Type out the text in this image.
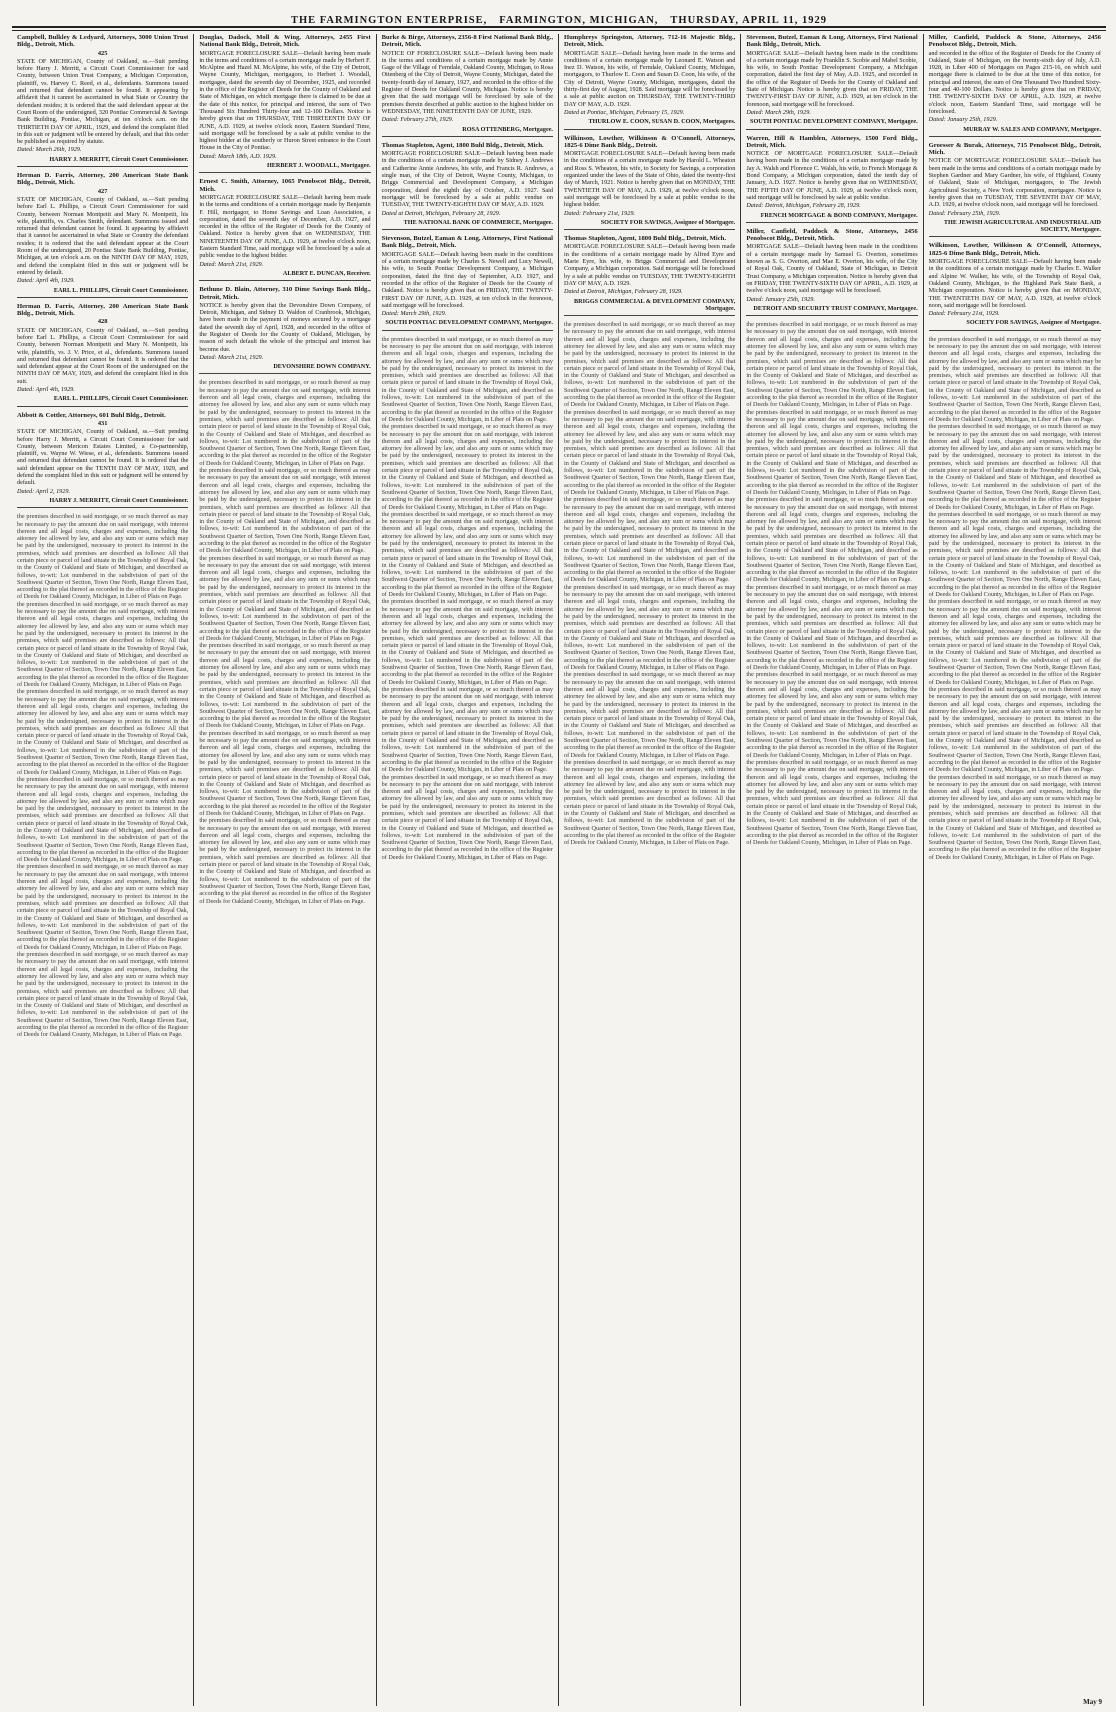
THE FARMINGTON ENTERPRISE, FARMINGTON, MICHIGAN, THURSDAY, APRIL 11, 1929
Campbell, Bulkley & Ledyard, Attorneys, 3000 Union Trust Bldg., Detroit, Mich.
425
STATE OF MICHIGAN, County of Oakland, ss.—Suit pending before Harry J. Merritt, a Circuit Court Commissioner for said County, between Union Trust Company, a Michigan Corporation, plaintiff, vs. Harvey C. Reed, et al., defendants. Summons issued and returned that defendant cannot be found. It appearing by affidavit that it cannot be ascertained in what State or Country the defendant resides; it is ordered that the said defendant appear at the Court Room of the undersigned, 320 Pontiac Commercial & Savings Bank Building, Pontiac, Michigan, at ten o'clock a.m. on the THIRTIETH DAY OF APRIL, 1929, and defend the complaint filed in this suit or judgment will be entered by default, and that this order be published as required by statute.
Dated: March 26th, 1929.
HARRY J. MERRITT, Circuit Court Commissioner.
Herman D. Farris, Attorney, 200 American State Bank Bldg., Detroit, Mich.
427
STATE OF MICHIGAN, County of Oakland, ss.—Suit pending before Earl L. Phillips, a Circuit Court Commissioner for said County, between Norman Montpetit and Mary N. Montpetit, his wife, plaintiffs, vs. Charles Smith, defendant. Summons issued and returned that defendant cannot be found. It appearing by affidavit that it cannot be ascertained in what State or Country the defendant resides; it is ordered that the said defendant appear at the Court Room of the undersigned, 20 Pontiac State Bank Building, Pontiac, Michigan, at ten o'clock a.m. on the NINTH DAY OF MAY, 1929, and defend the complaint filed in this suit or judgment will be entered by default.
Dated: April 4th, 1929.
EARL L. PHILLIPS, Circuit Court Commissioner.
Herman D. Farris, Attorney, 200 American State Bank Bldg., Detroit, Mich.
428
STATE OF MICHIGAN, County of Oakland, ss.—Suit pending before Earl L. Phillips, a Circuit Court Commissioner for said County, between Norman Montpetit and Mary N. Montpetit, his wife, plaintiffs, vs. J. V. Price, et al., defendants. Summons issued and returned that defendant cannot be found. It is ordered that the said defendant appear at the Court Room of the undersigned on the NINTH DAY OF MAY, 1929, and defend the complaint filed in this suit.
Dated: April 4th, 1929.
EARL L. PHILLIPS, Circuit Court Commissioner.
Abbott & Cottler, Attorneys, 601 Buhl Bldg., Detroit.
431
STATE OF MICHIGAN, County of Oakland, ss.—Suit pending before Harry J. Merritt, a Circuit Court Commissioner for said County, between Mericon Estates Limited, a Co-partnership, plaintiff, vs. Wayne W. Wiese, et al., defendants. Summons issued and returned that defendant cannot be found. It is ordered that the said defendant appear on the TENTH DAY OF MAY, 1929, and defend the complaint filed in this suit or judgment will be entered by default.
Dated: April 2, 1929.
HARRY J. MERRITT, Circuit Court Commissioner.
the premises described in said mortgage, or so much thereof as may be necessary to pay the amount due on said mortgage, with interest thereon and all legal costs, charges and expenses, including the attorney fee allowed by law, and also any sum or sums which may be paid by the undersigned, necessary to protect its interest in the premises, which said premises are described as follows: All that certain piece or parcel of land situate in the Township of Royal Oak, in the County of Oakland and State of Michigan, and described as follows, to-wit: Lot numbered in the subdivision of part of the Southwest Quarter of Section, Town One North, Range Eleven East, according to the plat thereof as recorded in the office of the Register of Deeds for Oakland County, Michigan, in Liber of Plats on Page.
the premises described in said mortgage, or so much thereof as may be necessary to pay the amount due on said mortgage, with interest thereon and all legal costs, charges and expenses, including the attorney fee allowed by law, and also any sum or sums which may be paid by the undersigned, necessary to protect its interest in the premises, which said premises are described as follows: All that certain piece or parcel of land situate in the Township of Royal Oak, in the County of Oakland and State of Michigan, and described as follows, to-wit: Lot numbered in the subdivision of part of the Southwest Quarter of Section, Town One North, Range Eleven East, according to the plat thereof as recorded in the office of the Register of Deeds for Oakland County, Michigan, in Liber of Plats on Page.
the premises described in said mortgage, or so much thereof as may be necessary to pay the amount due on said mortgage, with interest thereon and all legal costs, charges and expenses, including the attorney fee allowed by law, and also any sum or sums which may be paid by the undersigned, necessary to protect its interest in the premises, which said premises are described as follows: All that certain piece or parcel of land situate in the Township of Royal Oak, in the County of Oakland and State of Michigan, and described as follows, to-wit: Lot numbered in the subdivision of part of the Southwest Quarter of Section, Town One North, Range Eleven East, according to the plat thereof as recorded in the office of the Register of Deeds for Oakland County, Michigan, in Liber of Plats on Page.
the premises described in said mortgage, or so much thereof as may be necessary to pay the amount due on said mortgage, with interest thereon and all legal costs, charges and expenses, including the attorney fee allowed by law, and also any sum or sums which may be paid by the undersigned, necessary to protect its interest in the premises, which said premises are described as follows: All that certain piece or parcel of land situate in the Township of Royal Oak, in the County of Oakland and State of Michigan, and described as follows, to-wit: Lot numbered in the subdivision of part of the Southwest Quarter of Section, Town One North, Range Eleven East, according to the plat thereof as recorded in the office of the Register of Deeds for Oakland County, Michigan, in Liber of Plats on Page.
the premises described in said mortgage, or so much thereof as may be necessary to pay the amount due on said mortgage, with interest thereon and all legal costs, charges and expenses, including the attorney fee allowed by law, and also any sum or sums which may be paid by the undersigned, necessary to protect its interest in the premises, which said premises are described as follows: All that certain piece or parcel of land situate in the Township of Royal Oak, in the County of Oakland and State of Michigan, and described as follows, to-wit: Lot numbered in the subdivision of part of the Southwest Quarter of Section, Town One North, Range Eleven East, according to the plat thereof as recorded in the office of the Register of Deeds for Oakland County, Michigan, in Liber of Plats on Page.
the premises described in said mortgage, or so much thereof as may be necessary to pay the amount due on said mortgage, with interest thereon and all legal costs, charges and expenses, including the attorney fee allowed by law, and also any sum or sums which may be paid by the undersigned, necessary to protect its interest in the premises, which said premises are described as follows: All that certain piece or parcel of land situate in the Township of Royal Oak, in the County of Oakland and State of Michigan, and described as follows, to-wit: Lot numbered in the subdivision of part of the Southwest Quarter of Section, Town One North, Range Eleven East, according to the plat thereof as recorded in the office of the Register of Deeds for Oakland County, Michigan, in Liber of Plats on Page.
Douglas, Dadock, Moll & Wing, Attorneys, 2455 First National Bank Bldg., Detroit, Mich.
MORTGAGE FORECLOSURE SALE—Default having been made in the terms and conditions of a certain mortgage made by Herbert F. McAlpine and Hazel M. McAlpine, his wife, of the City of Detroit, Wayne County, Michigan, mortgagors, to Herbert J. Woodall, mortgagee, dated the seventh day of December, 1925, and recorded in the office of the Register of Deeds for the County of Oakland and State of Michigan, on which mortgage there is claimed to be due at the date of this notice, for principal and interest, the sum of Two Thousand Six Hundred Thirty-four and 12-100 Dollars. Notice is hereby given that on THURSDAY, THE THIRTEENTH DAY OF JUNE, A.D. 1929, at twelve o'clock noon, Eastern Standard Time, said mortgage will be foreclosed by a sale at public vendue to the highest bidder at the southerly or Huron Street entrance to the Court House in the City of Pontiac.
Dated: March 18th, A.D. 1929.
HERBERT J. WOODALL, Mortgagee.
Ernest C. Smith, Attorney, 1065 Penobscot Bldg., Detroit, Mich.
MORTGAGE FORECLOSURE SALE—Default having been made in the terms and conditions of a certain mortgage made by Benjamin F. Hill, mortgagor, to Home Savings and Loan Association, a corporation, dated the seventh day of December, A.D. 1927, and recorded in the office of the Register of Deeds for the County of Oakland. Notice is hereby given that on WEDNESDAY, THE NINETEENTH DAY OF JUNE, A.D. 1929, at twelve o'clock noon, Eastern Standard Time, said mortgage will be foreclosed by a sale at public vendue to the highest bidder.
Dated: March 21st, 1929.
ALBERT E. DUNCAN, Receiver.
Bethune D. Blain, Attorney, 310 Dime Savings Bank Bldg., Detroit, Mich.
NOTICE is hereby given that the Devonshire Down Company, of Detroit, Michigan, and Sidney D. Waldon of Cranbrook, Michigan, have been made in the payment of moneys secured by a mortgage dated the seventh day of April, 1928, and recorded in the office of the Register of Deeds for the County of Oakland, Michigan, by reason of such default the whole of the principal and interest has become due.
Dated: March 21st, 1929.
DEVONSHIRE DOWN COMPANY.
the premises described in said mortgage, or so much thereof as may be necessary to pay the amount due on said mortgage, with interest thereon and all legal costs, charges and expenses, including the attorney fee allowed by law, and also any sum or sums which may be paid by the undersigned, necessary to protect its interest in the premises, which said premises are described as follows: All that certain piece or parcel of land situate in the Township of Royal Oak, in the County of Oakland and State of Michigan, and described as follows, to-wit: Lot numbered in the subdivision of part of the Southwest Quarter of Section, Town One North, Range Eleven East, according to the plat thereof as recorded in the office of the Register of Deeds for Oakland County, Michigan, in Liber of Plats on Page.
the premises described in said mortgage, or so much thereof as may be necessary to pay the amount due on said mortgage, with interest thereon and all legal costs, charges and expenses, including the attorney fee allowed by law, and also any sum or sums which may be paid by the undersigned, necessary to protect its interest in the premises, which said premises are described as follows: All that certain piece or parcel of land situate in the Township of Royal Oak, in the County of Oakland and State of Michigan, and described as follows, to-wit: Lot numbered in the subdivision of part of the Southwest Quarter of Section, Town One North, Range Eleven East, according to the plat thereof as recorded in the office of the Register of Deeds for Oakland County, Michigan, in Liber of Plats on Page.
the premises described in said mortgage, or so much thereof as may be necessary to pay the amount due on said mortgage, with interest thereon and all legal costs, charges and expenses, including the attorney fee allowed by law, and also any sum or sums which may be paid by the undersigned, necessary to protect its interest in the premises, which said premises are described as follows: All that certain piece or parcel of land situate in the Township of Royal Oak, in the County of Oakland and State of Michigan, and described as follows, to-wit: Lot numbered in the subdivision of part of the Southwest Quarter of Section, Town One North, Range Eleven East, according to the plat thereof as recorded in the office of the Register of Deeds for Oakland County, Michigan, in Liber of Plats on Page.
the premises described in said mortgage, or so much thereof as may be necessary to pay the amount due on said mortgage, with interest thereon and all legal costs, charges and expenses, including the attorney fee allowed by law, and also any sum or sums which may be paid by the undersigned, necessary to protect its interest in the premises, which said premises are described as follows: All that certain piece or parcel of land situate in the Township of Royal Oak, in the County of Oakland and State of Michigan, and described as follows, to-wit: Lot numbered in the subdivision of part of the Southwest Quarter of Section, Town One North, Range Eleven East, according to the plat thereof as recorded in the office of the Register of Deeds for Oakland County, Michigan, in Liber of Plats on Page.
the premises described in said mortgage, or so much thereof as may be necessary to pay the amount due on said mortgage, with interest thereon and all legal costs, charges and expenses, including the attorney fee allowed by law, and also any sum or sums which may be paid by the undersigned, necessary to protect its interest in the premises, which said premises are described as follows: All that certain piece or parcel of land situate in the Township of Royal Oak, in the County of Oakland and State of Michigan, and described as follows, to-wit: Lot numbered in the subdivision of part of the Southwest Quarter of Section, Town One North, Range Eleven East, according to the plat thereof as recorded in the office of the Register of Deeds for Oakland County, Michigan, in Liber of Plats on Page.
the premises described in said mortgage, or so much thereof as may be necessary to pay the amount due on said mortgage, with interest thereon and all legal costs, charges and expenses, including the attorney fee allowed by law, and also any sum or sums which may be paid by the undersigned, necessary to protect its interest in the premises, which said premises are described as follows: All that certain piece or parcel of land situate in the Township of Royal Oak, in the County of Oakland and State of Michigan, and described as follows, to-wit: Lot numbered in the subdivision of part of the Southwest Quarter of Section, Town One North, Range Eleven East, according to the plat thereof as recorded in the office of the Register of Deeds for Oakland County, Michigan, in Liber of Plats on Page.
Burke & Birge, Attorneys, 2356-8 First National Bank Bldg., Detroit, Mich.
NOTICE OF FORECLOSURE SALE—Default having been made in the terms and conditions of a certain mortgage made by Annie Gage of the Village of Ferndale, Oakland County, Michigan, to Rosa Ottenberg of the City of Detroit, Wayne County, Michigan, dated the twenty-fourth day of January, 1927, and recorded in the office of the Register of Deeds for Oakland County, Michigan. Notice is hereby given that the said mortgage will be foreclosed by sale of the premises therein described at public auction to the highest bidder on WEDNESDAY, THE NINETEENTH DAY OF JUNE, 1929.
Dated: February 27th, 1929.
ROSA OTTENBERG, Mortgagee.
Thomas Stapleton, Agent, 1800 Buhl Bldg., Detroit, Mich.
MORTGAGE FORECLOSURE SALE—Default having been made in the conditions of a certain mortgage made by Sidney J. Andrews and Catherine Annie Andrews, his wife, and Francis R. Andrews, a single man, of the City of Detroit, Wayne County, Michigan, to Briggs Commercial and Development Company, a Michigan corporation, dated the eighth day of October, A.D. 1927. Said mortgage will be foreclosed by a sale at public vendue on TUESDAY, THE TWENTY-EIGHTH DAY OF MAY, A.D. 1929.
Dated at Detroit, Michigan, February 28, 1929.
THE NATIONAL BANK OF COMMERCE, Mortgagee.
Stevenson, Butzel, Eaman & Long, Attorneys, First National Bank Bldg., Detroit, Mich.
MORTGAGE SALE—Default having been made in the conditions of a certain mortgage made by Charles S. Newell and Lucy Newell, his wife, to South Pontiac Development Company, a Michigan corporation, dated the first day of September, A.D. 1927, and recorded in the office of the Register of Deeds for the County of Oakland. Notice is hereby given that on FRIDAY, THE TWENTY-FIRST DAY OF JUNE, A.D. 1929, at ten o'clock in the forenoon, said mortgage will be foreclosed.
Dated: March 29th, 1929.
SOUTH PONTIAC DEVELOPMENT COMPANY, Mortgagee.
the premises described in said mortgage, or so much thereof as may be necessary to pay the amount due on said mortgage, with interest thereon and all legal costs, charges and expenses, including the attorney fee allowed by law, and also any sum or sums which may be paid by the undersigned, necessary to protect its interest in the premises, which said premises are described as follows: All that certain piece or parcel of land situate in the Township of Royal Oak, in the County of Oakland and State of Michigan, and described as follows, to-wit: Lot numbered in the subdivision of part of the Southwest Quarter of Section, Town One North, Range Eleven East, according to the plat thereof as recorded in the office of the Register of Deeds for Oakland County, Michigan, in Liber of Plats on Page.
the premises described in said mortgage, or so much thereof as may be necessary to pay the amount due on said mortgage, with interest thereon and all legal costs, charges and expenses, including the attorney fee allowed by law, and also any sum or sums which may be paid by the undersigned, necessary to protect its interest in the premises, which said premises are described as follows: All that certain piece or parcel of land situate in the Township of Royal Oak, in the County of Oakland and State of Michigan, and described as follows, to-wit: Lot numbered in the subdivision of part of the Southwest Quarter of Section, Town One North, Range Eleven East, according to the plat thereof as recorded in the office of the Register of Deeds for Oakland County, Michigan, in Liber of Plats on Page.
the premises described in said mortgage, or so much thereof as may be necessary to pay the amount due on said mortgage, with interest thereon and all legal costs, charges and expenses, including the attorney fee allowed by law, and also any sum or sums which may be paid by the undersigned, necessary to protect its interest in the premises, which said premises are described as follows: All that certain piece or parcel of land situate in the Township of Royal Oak, in the County of Oakland and State of Michigan, and described as follows, to-wit: Lot numbered in the subdivision of part of the Southwest Quarter of Section, Town One North, Range Eleven East, according to the plat thereof as recorded in the office of the Register of Deeds for Oakland County, Michigan, in Liber of Plats on Page.
the premises described in said mortgage, or so much thereof as may be necessary to pay the amount due on said mortgage, with interest thereon and all legal costs, charges and expenses, including the attorney fee allowed by law, and also any sum or sums which may be paid by the undersigned, necessary to protect its interest in the premises, which said premises are described as follows: All that certain piece or parcel of land situate in the Township of Royal Oak, in the County of Oakland and State of Michigan, and described as follows, to-wit: Lot numbered in the subdivision of part of the Southwest Quarter of Section, Town One North, Range Eleven East, according to the plat thereof as recorded in the office of the Register of Deeds for Oakland County, Michigan, in Liber of Plats on Page.
the premises described in said mortgage, or so much thereof as may be necessary to pay the amount due on said mortgage, with interest thereon and all legal costs, charges and expenses, including the attorney fee allowed by law, and also any sum or sums which may be paid by the undersigned, necessary to protect its interest in the premises, which said premises are described as follows: All that certain piece or parcel of land situate in the Township of Royal Oak, in the County of Oakland and State of Michigan, and described as follows, to-wit: Lot numbered in the subdivision of part of the Southwest Quarter of Section, Town One North, Range Eleven East, according to the plat thereof as recorded in the office of the Register of Deeds for Oakland County, Michigan, in Liber of Plats on Page.
the premises described in said mortgage, or so much thereof as may be necessary to pay the amount due on said mortgage, with interest thereon and all legal costs, charges and expenses, including the attorney fee allowed by law, and also any sum or sums which may be paid by the undersigned, necessary to protect its interest in the premises, which said premises are described as follows: All that certain piece or parcel of land situate in the Township of Royal Oak, in the County of Oakland and State of Michigan, and described as follows, to-wit: Lot numbered in the subdivision of part of the Southwest Quarter of Section, Town One North, Range Eleven East, according to the plat thereof as recorded in the office of the Register of Deeds for Oakland County, Michigan, in Liber of Plats on Page.
Humphreys Springston, Attorney, 712-16 Majestic Bldg., Detroit, Mich.
MORTGAGE SALE—Default having been made in the terms and conditions of a certain mortgage made by Leonard E. Watson and Inez D. Watson, his wife, of Ferndale, Oakland County, Michigan, mortgagors, to Thurlow E. Coon and Susan D. Coon, his wife, of the City of Detroit, Wayne County, Michigan, mortgagees, dated the thirty-first day of August, 1928. Said mortgage will be foreclosed by a sale at public auction on THURSDAY, THE TWENTY-THIRD DAY OF MAY, A.D. 1929.
Dated at Pontiac, Michigan, February 15, 1929.
THURLOW E. COON, SUSAN D. COON, Mortgagees.
Wilkinson, Lowther, Wilkinson & O'Connell, Attorneys, 1825-6 Dime Bank Bldg., Detroit.
MORTGAGE FORECLOSURE SALE—Default having been made in the conditions of a certain mortgage made by Harold L. Wheaton and Ross S. Wheaton, his wife, to Society for Savings, a corporation organized under the laws of the State of Ohio, dated the twenty-first day of March, 1921. Notice is hereby given that on MONDAY, THE TWENTIETH DAY OF MAY, A.D. 1929, at twelve o'clock noon, said mortgage will be foreclosed by a sale at public vendue to the highest bidder.
Dated: February 21st, 1929.
SOCIETY FOR SAVINGS, Assignee of Mortgagee.
Thomas Stapleton, Agent, 1800 Buhl Bldg., Detroit, Mich.
MORTGAGE FORECLOSURE SALE—Default having been made in the conditions of a certain mortgage made by Alfred Eyre and Marie Eyre, his wife, to Briggs Commercial and Development Company, a Michigan corporation. Said mortgage will be foreclosed by a sale at public vendue on TUESDAY, THE TWENTY-EIGHTH DAY OF MAY, A.D. 1929.
Dated at Detroit, Michigan, February 28, 1929.
BRIGGS COMMERCIAL & DEVELOPMENT COMPANY, Mortgagee.
the premises described in said mortgage, or so much thereof as may be necessary to pay the amount due on said mortgage, with interest thereon and all legal costs, charges and expenses, including the attorney fee allowed by law, and also any sum or sums which may be paid by the undersigned, necessary to protect its interest in the premises, which said premises are described as follows: All that certain piece or parcel of land situate in the Township of Royal Oak, in the County of Oakland and State of Michigan, and described as follows, to-wit: Lot numbered in the subdivision of part of the Southwest Quarter of Section, Town One North, Range Eleven East, according to the plat thereof as recorded in the office of the Register of Deeds for Oakland County, Michigan, in Liber of Plats on Page.
the premises described in said mortgage, or so much thereof as may be necessary to pay the amount due on said mortgage, with interest thereon and all legal costs, charges and expenses, including the attorney fee allowed by law, and also any sum or sums which may be paid by the undersigned, necessary to protect its interest in the premises, which said premises are described as follows: All that certain piece or parcel of land situate in the Township of Royal Oak, in the County of Oakland and State of Michigan, and described as follows, to-wit: Lot numbered in the subdivision of part of the Southwest Quarter of Section, Town One North, Range Eleven East, according to the plat thereof as recorded in the office of the Register of Deeds for Oakland County, Michigan, in Liber of Plats on Page.
the premises described in said mortgage, or so much thereof as may be necessary to pay the amount due on said mortgage, with interest thereon and all legal costs, charges and expenses, including the attorney fee allowed by law, and also any sum or sums which may be paid by the undersigned, necessary to protect its interest in the premises, which said premises are described as follows: All that certain piece or parcel of land situate in the Township of Royal Oak, in the County of Oakland and State of Michigan, and described as follows, to-wit: Lot numbered in the subdivision of part of the Southwest Quarter of Section, Town One North, Range Eleven East, according to the plat thereof as recorded in the office of the Register of Deeds for Oakland County, Michigan, in Liber of Plats on Page.
the premises described in said mortgage, or so much thereof as may be necessary to pay the amount due on said mortgage, with interest thereon and all legal costs, charges and expenses, including the attorney fee allowed by law, and also any sum or sums which may be paid by the undersigned, necessary to protect its interest in the premises, which said premises are described as follows: All that certain piece or parcel of land situate in the Township of Royal Oak, in the County of Oakland and State of Michigan, and described as follows, to-wit: Lot numbered in the subdivision of part of the Southwest Quarter of Section, Town One North, Range Eleven East, according to the plat thereof as recorded in the office of the Register of Deeds for Oakland County, Michigan, in Liber of Plats on Page.
the premises described in said mortgage, or so much thereof as may be necessary to pay the amount due on said mortgage, with interest thereon and all legal costs, charges and expenses, including the attorney fee allowed by law, and also any sum or sums which may be paid by the undersigned, necessary to protect its interest in the premises, which said premises are described as follows: All that certain piece or parcel of land situate in the Township of Royal Oak, in the County of Oakland and State of Michigan, and described as follows, to-wit: Lot numbered in the subdivision of part of the Southwest Quarter of Section, Town One North, Range Eleven East, according to the plat thereof as recorded in the office of the Register of Deeds for Oakland County, Michigan, in Liber of Plats on Page.
the premises described in said mortgage, or so much thereof as may be necessary to pay the amount due on said mortgage, with interest thereon and all legal costs, charges and expenses, including the attorney fee allowed by law, and also any sum or sums which may be paid by the undersigned, necessary to protect its interest in the premises, which said premises are described as follows: All that certain piece or parcel of land situate in the Township of Royal Oak, in the County of Oakland and State of Michigan, and described as follows, to-wit: Lot numbered in the subdivision of part of the Southwest Quarter of Section, Town One North, Range Eleven East, according to the plat thereof as recorded in the office of the Register of Deeds for Oakland County, Michigan, in Liber of Plats on Page.
Stevenson, Butzel, Eaman & Long, Attorneys, First National Bank Bldg., Detroit, Mich.
MORTGAGE SALE—Default having been made in the conditions of a certain mortgage made by Franklin S. Scobie and Mabel Scobie, his wife, to South Pontiac Development Company, a Michigan corporation, dated the first day of May, A.D. 1925, and recorded in the office of the Register of Deeds for the County of Oakland and State of Michigan. Notice is hereby given that on FRIDAY, THE TWENTY-FIRST DAY OF JUNE, A.D. 1929, at ten o'clock in the forenoon, said mortgage will be foreclosed.
Dated: March 29th, 1929.
SOUTH PONTIAC DEVELOPMENT COMPANY, Mortgagee.
Warren, Hill & Hamblen, Attorneys, 1500 Ford Bldg., Detroit, Mich.
NOTICE OF MORTGAGE FORECLOSURE SALE—Default having been made in the conditions of a certain mortgage made by Jay A. Walsh and Florence C. Walsh, his wife, to French Mortgage & Bond Company, a Michigan corporation, dated the tenth day of January, A.D. 1927. Notice is hereby given that on WEDNESDAY, THE FIFTH DAY OF JUNE, A.D. 1929, at twelve o'clock noon, said mortgage will be foreclosed by sale at public vendue.
Dated: Detroit, Michigan, February 28, 1929.
FRENCH MORTGAGE & BOND COMPANY, Mortgagee.
Miller, Canfield, Paddock & Stone, Attorneys, 2456 Penobscot Bldg., Detroit, Mich.
MORTGAGE SALE—Default having been made in the conditions of a certain mortgage made by Samuel G. Overton, sometimes known as S. G. Overton, and Mae E. Overton, his wife, of the City of Royal Oak, County of Oakland, State of Michigan, to Detroit Trust Company, a Michigan corporation. Notice is hereby given that on FRIDAY, THE TWENTY-SIXTH DAY OF APRIL, A.D. 1929, at twelve o'clock noon, said mortgage will be foreclosed.
Dated: January 25th, 1929.
DETROIT AND SECURITY TRUST COMPANY, Mortgagee.
the premises described in said mortgage, or so much thereof as may be necessary to pay the amount due on said mortgage, with interest thereon and all legal costs, charges and expenses, including the attorney fee allowed by law, and also any sum or sums which may be paid by the undersigned, necessary to protect its interest in the premises, which said premises are described as follows: All that certain piece or parcel of land situate in the Township of Royal Oak, in the County of Oakland and State of Michigan, and described as follows, to-wit: Lot numbered in the subdivision of part of the Southwest Quarter of Section, Town One North, Range Eleven East, according to the plat thereof as recorded in the office of the Register of Deeds for Oakland County, Michigan, in Liber of Plats on Page.
the premises described in said mortgage, or so much thereof as may be necessary to pay the amount due on said mortgage, with interest thereon and all legal costs, charges and expenses, including the attorney fee allowed by law, and also any sum or sums which may be paid by the undersigned, necessary to protect its interest in the premises, which said premises are described as follows: All that certain piece or parcel of land situate in the Township of Royal Oak, in the County of Oakland and State of Michigan, and described as follows, to-wit: Lot numbered in the subdivision of part of the Southwest Quarter of Section, Town One North, Range Eleven East, according to the plat thereof as recorded in the office of the Register of Deeds for Oakland County, Michigan, in Liber of Plats on Page.
the premises described in said mortgage, or so much thereof as may be necessary to pay the amount due on said mortgage, with interest thereon and all legal costs, charges and expenses, including the attorney fee allowed by law, and also any sum or sums which may be paid by the undersigned, necessary to protect its interest in the premises, which said premises are described as follows: All that certain piece or parcel of land situate in the Township of Royal Oak, in the County of Oakland and State of Michigan, and described as follows, to-wit: Lot numbered in the subdivision of part of the Southwest Quarter of Section, Town One North, Range Eleven East, according to the plat thereof as recorded in the office of the Register of Deeds for Oakland County, Michigan, in Liber of Plats on Page.
the premises described in said mortgage, or so much thereof as may be necessary to pay the amount due on said mortgage, with interest thereon and all legal costs, charges and expenses, including the attorney fee allowed by law, and also any sum or sums which may be paid by the undersigned, necessary to protect its interest in the premises, which said premises are described as follows: All that certain piece or parcel of land situate in the Township of Royal Oak, in the County of Oakland and State of Michigan, and described as follows, to-wit: Lot numbered in the subdivision of part of the Southwest Quarter of Section, Town One North, Range Eleven East, according to the plat thereof as recorded in the office of the Register of Deeds for Oakland County, Michigan, in Liber of Plats on Page.
the premises described in said mortgage, or so much thereof as may be necessary to pay the amount due on said mortgage, with interest thereon and all legal costs, charges and expenses, including the attorney fee allowed by law, and also any sum or sums which may be paid by the undersigned, necessary to protect its interest in the premises, which said premises are described as follows: All that certain piece or parcel of land situate in the Township of Royal Oak, in the County of Oakland and State of Michigan, and described as follows, to-wit: Lot numbered in the subdivision of part of the Southwest Quarter of Section, Town One North, Range Eleven East, according to the plat thereof as recorded in the office of the Register of Deeds for Oakland County, Michigan, in Liber of Plats on Page.
the premises described in said mortgage, or so much thereof as may be necessary to pay the amount due on said mortgage, with interest thereon and all legal costs, charges and expenses, including the attorney fee allowed by law, and also any sum or sums which may be paid by the undersigned, necessary to protect its interest in the premises, which said premises are described as follows: All that certain piece or parcel of land situate in the Township of Royal Oak, in the County of Oakland and State of Michigan, and described as follows, to-wit: Lot numbered in the subdivision of part of the Southwest Quarter of Section, Town One North, Range Eleven East, according to the plat thereof as recorded in the office of the Register of Deeds for Oakland County, Michigan, in Liber of Plats on Page.
Miller, Canfield, Paddock & Stone, Attorneys, 2456 Penobscot Bldg., Detroit, Mich.
and recorded in the office of the Register of Deeds for the County of Oakland, State of Michigan, on the twenty-sixth day of July, A.D. 1928, in Liber 400 of Mortgages on Pages 215-16, on which said mortgage there is claimed to be due at the time of this notice, for principal and interest, the sum of One Thousand Two Hundred Sixty-four and 40-100 Dollars. Notice is hereby given that on FRIDAY, THE TWENTY-SIXTH DAY OF APRIL, A.D. 1929, at twelve o'clock noon, Eastern Standard Time, said mortgage will be foreclosed.
Dated: January 25th, 1929.
MURRAY W. SALES AND COMPANY, Mortgagee.
Groesser & Burak, Attorneys, 715 Penobscot Bldg., Detroit, Mich.
NOTICE OF MORTGAGE FORECLOSURE SALE—Default has been made in the terms and conditions of a certain mortgage made by Stephen Gardner and Mary Gardner, his wife, of Highland, County of Oakland, State of Michigan, mortgagors, to The Jewish Agricultural Society, a New York corporation, mortgagee. Notice is hereby given that on TUESDAY, THE SEVENTH DAY OF MAY, A.D. 1929, at twelve o'clock noon, said mortgage will be foreclosed.
Dated: February 25th, 1929.
THE JEWISH AGRICULTURAL AND INDUSTRIAL AID SOCIETY, Mortgagee.
Wilkinson, Lowther, Wilkinson & O'Connell, Attorneys, 1825-6 Dime Bank Bldg., Detroit, Mich.
MORTGAGE FORECLOSURE SALE—Default having been made in the conditions of a certain mortgage made by Charles E. Walker and Alpine W. Walker, his wife, of the Township of Royal Oak, Oakland County, Michigan, to the Highland Park State Bank, a Michigan corporation. Notice is hereby given that on MONDAY, THE TWENTIETH DAY OF MAY, A.D. 1929, at twelve o'clock noon, said mortgage will be foreclosed.
Dated: February 21st, 1929.
SOCIETY FOR SAVINGS, Assignee of Mortgagee.
the premises described in said mortgage, or so much thereof as may be necessary to pay the amount due on said mortgage, with interest thereon and all legal costs, charges and expenses, including the attorney fee allowed by law, and also any sum or sums which may be paid by the undersigned, necessary to protect its interest in the premises, which said premises are described as follows: All that certain piece or parcel of land situate in the Township of Royal Oak, in the County of Oakland and State of Michigan, and described as follows, to-wit: Lot numbered in the subdivision of part of the Southwest Quarter of Section, Town One North, Range Eleven East, according to the plat thereof as recorded in the office of the Register of Deeds for Oakland County, Michigan, in Liber of Plats on Page.
the premises described in said mortgage, or so much thereof as may be necessary to pay the amount due on said mortgage, with interest thereon and all legal costs, charges and expenses, including the attorney fee allowed by law, and also any sum or sums which may be paid by the undersigned, necessary to protect its interest in the premises, which said premises are described as follows: All that certain piece or parcel of land situate in the Township of Royal Oak, in the County of Oakland and State of Michigan, and described as follows, to-wit: Lot numbered in the subdivision of part of the Southwest Quarter of Section, Town One North, Range Eleven East, according to the plat thereof as recorded in the office of the Register of Deeds for Oakland County, Michigan, in Liber of Plats on Page.
the premises described in said mortgage, or so much thereof as may be necessary to pay the amount due on said mortgage, with interest thereon and all legal costs, charges and expenses, including the attorney fee allowed by law, and also any sum or sums which may be paid by the undersigned, necessary to protect its interest in the premises, which said premises are described as follows: All that certain piece or parcel of land situate in the Township of Royal Oak, in the County of Oakland and State of Michigan, and described as follows, to-wit: Lot numbered in the subdivision of part of the Southwest Quarter of Section, Town One North, Range Eleven East, according to the plat thereof as recorded in the office of the Register of Deeds for Oakland County, Michigan, in Liber of Plats on Page.
the premises described in said mortgage, or so much thereof as may be necessary to pay the amount due on said mortgage, with interest thereon and all legal costs, charges and expenses, including the attorney fee allowed by law, and also any sum or sums which may be paid by the undersigned, necessary to protect its interest in the premises, which said premises are described as follows: All that certain piece or parcel of land situate in the Township of Royal Oak, in the County of Oakland and State of Michigan, and described as follows, to-wit: Lot numbered in the subdivision of part of the Southwest Quarter of Section, Town One North, Range Eleven East, according to the plat thereof as recorded in the office of the Register of Deeds for Oakland County, Michigan, in Liber of Plats on Page.
the premises described in said mortgage, or so much thereof as may be necessary to pay the amount due on said mortgage, with interest thereon and all legal costs, charges and expenses, including the attorney fee allowed by law, and also any sum or sums which may be paid by the undersigned, necessary to protect its interest in the premises, which said premises are described as follows: All that certain piece or parcel of land situate in the Township of Royal Oak, in the County of Oakland and State of Michigan, and described as follows, to-wit: Lot numbered in the subdivision of part of the Southwest Quarter of Section, Town One North, Range Eleven East, according to the plat thereof as recorded in the office of the Register of Deeds for Oakland County, Michigan, in Liber of Plats on Page.
the premises described in said mortgage, or so much thereof as may be necessary to pay the amount due on said mortgage, with interest thereon and all legal costs, charges and expenses, including the attorney fee allowed by law, and also any sum or sums which may be paid by the undersigned, necessary to protect its interest in the premises, which said premises are described as follows: All that certain piece or parcel of land situate in the Township of Royal Oak, in the County of Oakland and State of Michigan, and described as follows, to-wit: Lot numbered in the subdivision of part of the Southwest Quarter of Section, Town One North, Range Eleven East, according to the plat thereof as recorded in the office of the Register of Deeds for Oakland County, Michigan, in Liber of Plats on Page.
May 9
